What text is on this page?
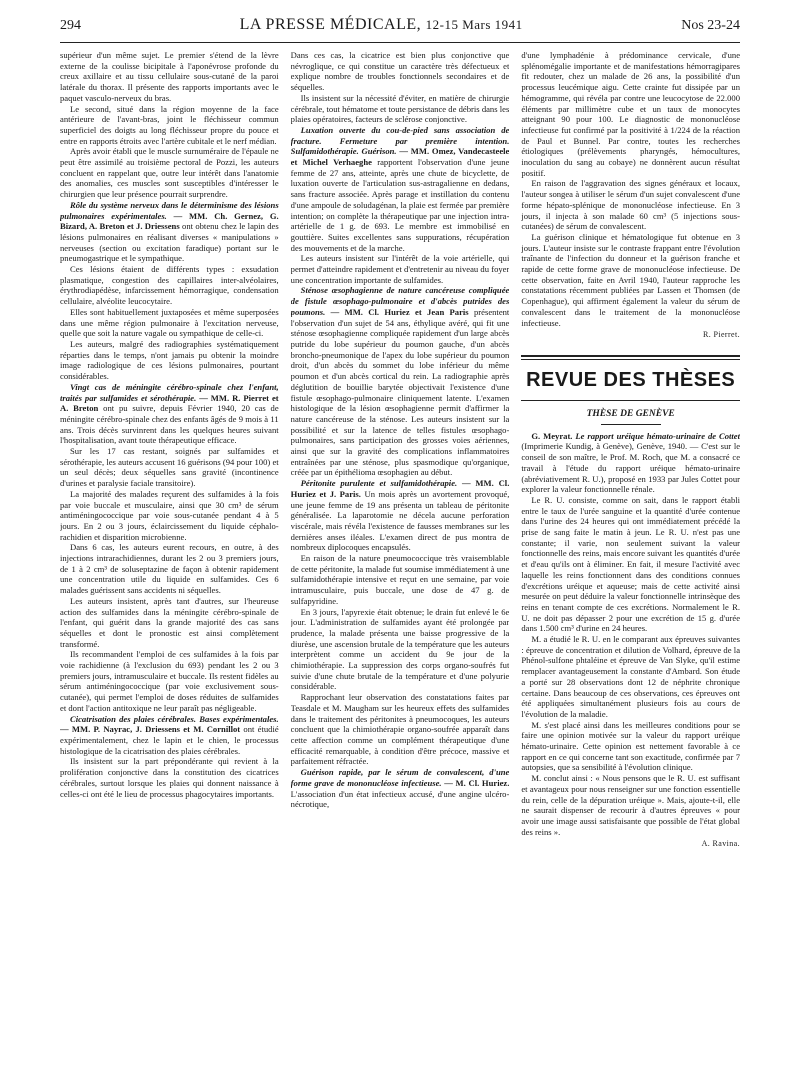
294	LA PRESSE MÉDICALE, 12-15 Mars 1941	Nos 23-24

supérieur d'un même sujet. Le premier s'étend de la lèvre externe de la coulisse bicipitale à l'aponévrose profonde du creux axillaire et au tissu cellulaire sous-cutané de la paroi latérale du thorax. Il présente des rapports importants avec le paquet vasculo-nerveux du bras.

Le second, situé dans la région moyenne de la face antérieure de l'avant-bras, joint le fléchisseur commun superficiel des doigts au long fléchisseur propre du pouce et entre en rapports étroits avec l'artère cubitale et le nerf médian.

Après avoir établi que le muscle surnuméraire de l'épaule ne peut être assimilé au troisième pectoral de Pozzi, les auteurs concluent en rappelant que, outre leur intérêt dans l'anatomie des anomalies, ces muscles sont susceptibles d'intéresser le chirurgien que leur présence pourrait surprendre.

Rôle du système nerveux dans le déterminisme des lésions pulmonaires expérimentales. — MM. Ch. Gernez, G. Bizard, A. Breton et J. Driessens ont obtenu chez le lapin des lésions pulmonaires en réalisant diverses « manipulations » nerveuses (section ou excitation faradique) portant sur le pneumogastrique et le sympathique.

Ces lésions étaient de différents types : exsudation plasmatique, congestion des capillaires inter-alvéolaires, érythrodiapédèse, infarcissement hémorragique, condensation cellulaire, alvéolite leucocytaire.

Elles sont habituellement juxtaposées et même superposées dans une même région pulmonaire à l'excitation nerveuse, quelle que soit la nature vagale ou sympathique de celle-ci.

Les auteurs, malgré des radiographies systématiquement réparties dans le temps, n'ont jamais pu obtenir la moindre image radiologique de ces lésions pulmonaires, pourtant considérables.

Vingt cas de méningite cérébro-spinale chez l'enfant, traités par sulfamides et sérothérapie. — MM. R. Pierret et A. Breton ont pu suivre, depuis Février 1940, 20 cas de méningite cérébro-spinale chez des enfants âgés de 9 mois à 11 ans. Trois décès survinrent dans les quelques heures suivant l'hospitalisation, avant toute thérapeutique efficace.

Sur les 17 cas restant, soignés par sulfamides et sérothérapie, les auteurs accusent 16 guérisons (94 pour 100) et un seul décès; deux séquelles sans gravité (incontinence d'urines et paralysie faciale transitoire).

La majorité des malades reçurent des sulfamides à la fois par voie buccale et musculaire, ainsi que 30 cm³ de sérum antiméningococcique par voie sous-cutanée pendant 4 à 5 jours. En 2 ou 3 jours, éclaircissement du liquide céphalo-rachidien et disparition microbienne.

Dans 6 cas, les auteurs eurent recours, en outre, à des injections intrarachidiennes, durant les 2 ou 3 premiers jours, de 1 à 2 cm³ de soluseptazine de façon à obtenir rapidement une concentration utile du liquide en sulfamides. Ces 6 malades guérissent sans accidents ni séquelles.

Les auteurs insistent, après tant d'autres, sur l'heureuse action des sulfamides dans la méningite cérébro-spinale de l'enfant, qui guérit dans la grande majorité des cas sans séquelles et dont le pronostic est ainsi complètement transformé.

Ils recommandent l'emploi de ces sulfamides à la fois par voie rachidienne (à l'exclusion du 693) pendant les 2 ou 3 premiers jours, intramusculaire et buccale. Ils restent fidèles au sérum antiméningococcique (par voie exclusivement sous-cutanée), qui permet l'emploi de doses réduites de sulfamides et dont l'action antitoxique ne leur paraît pas négligeable.

Cicatrisation des plaies cérébrales. Bases expérimentales. — MM. P. Nayrac, J. Driessens et M. Cornillot ont étudié expérimentalement, chez le lapin et le chien, le processus histologique de la cicatrisation des plaies cérébrales.

Ils insistent sur la part prépondérante qui revient à la prolifération conjonctive dans la constitution des cicatrices cérébrales, surtout lorsque les plaies qui donnent naissance à celles-ci ont été le lieu de processus phagocytaires importants.

Dans ces cas, la cicatrice est bien plus conjonctive que névroglique, ce qui constitue un caractère très défectueux et explique nombre de troubles fonctionnels secondaires et de séquelles.

Ils insistent sur la nécessité d'éviter, en matière de chirurgie cérébrale, tout hématome et toute persistance de débris dans les plaies opératoires, facteurs de sclérose conjonctive.

Luxation ouverte du cou-de-pied sans association de fracture. Fermeture par première intention. Sulfamidothérapie. Guérison. — MM. Omez, Vandecasteele et Michel Verhaeghe rapportent l'observation d'une jeune femme de 27 ans, atteinte, après une chute de bicyclette, de luxation ouverte de l'articulation sus-astragalienne en dedans, sans fracture associée. Après parage et instillation du contenu d'une ampoule de soludagénan, la plaie est fermée par première intention; on complète la thérapeutique par une injection intra-artérielle de 1 g. de 693. Le membre est immobilisé en gouttière. Suites excellentes sans suppurations, récupération des mouvements et de la marche.

Les auteurs insistent sur l'intérêt de la voie artérielle, qui permet d'atteindre rapidement et d'entretenir au niveau du foyer une concentration importante de sulfamides.

Sténose œsophagienne de nature cancéreuse compliquée de fistule œsophago-pulmonaire et d'abcès putrides des poumons. — MM. Cl. Huriez et Jean Paris présentent l'observation d'un sujet de 54 ans, éthylique avéré, qui fit une sténose œsophagienne compliquée rapidement d'un large abcès putride du lobe supérieur du poumon gauche, d'un abcès broncho-pneumonique de l'apex du lobe supérieur du poumon droit, d'un abcès du sommet du lobe inférieur du même poumon et d'un abcès cortical du rein. La radiographie après déglutition de bouillie barytée objectivait l'existence d'une fistule œsophago-pulmonaire cliniquement latente. L'examen histologique de la lésion œsophagienne permit d'affirmer la nature cancéreuse de la sténose. Les auteurs insistent sur la possibilité et sur la latence de telles fistules œsophago-pulmonaires, sans participation des grosses voies aériennes, ainsi que sur la gravité des complications inflammatoires entraînées par une sténose, plus spasmodique qu'organique, créée par un épithélioma œsophagien au début.

Péritonite purulente et sulfamidothérapie. — MM. Cl. Huriez et J. Paris. Un mois après un avortement provoqué, une jeune femme de 19 ans présenta un tableau de péritonite généralisée. La laparotomie ne décela aucune perforation viscérale, mais révéla l'existence de fausses membranes sur les dernières anses iléales. L'examen direct de pus montra de nombreux diplocoques encapsulés.

En raison de la nature pneumococcique très vraisemblable de cette péritonite, la malade fut soumise immédiatement à une sulfamidothérapie intensive et reçut en une semaine, par voie intramusculaire, puis buccale, une dose de 47 g. de sulfapyridine.

En 3 jours, l'apyrexie était obtenue; le drain fut enlevé le 6e jour. L'administration de sulfamides ayant été prolongée par prudence, la malade présenta une baisse progressive de la diurèse, une ascension brutale de la température que les auteurs interprètent comme un accident du 9e jour de la chimiothérapie. La suppression des corps organo-soufrés fut suivie d'une chute brutale de la température et d'une polyurie considérable.

Rapprochant leur observation des constatations faites par Teasdale et M. Maugham sur les heureux effets des sulfamides dans le traitement des péritonites à pneumocoques, les auteurs concluent que la chimiothérapie organo-soufrée apparaît dans cette affection comme un complément thérapeutique d'une efficacité remarquable, à condition d'être précoce, massive et parfaitement réfractée.

Guérison rapide, par le sérum de convalescent, d'une forme grave de mononucléose infectieuse. — M. Cl. Huriez. L'association d'un état infectieux accusé, d'une angine ulcéro-nécrotique,

d'une lymphadénie à prédominance cervicale, d'une splénomégalie importante et de manifestations hémorragipares fit redouter, chez un malade de 26 ans, la possibilité d'un processus leucémique aigu. Cette crainte fut dissipée par un hémogramme, qui révéla par contre une leucocytose de 22.000 éléments par millimètre cube et un taux de monocytes atteignant 90 pour 100. Le diagnostic de mononucléose infectieuse fut confirmé par la positivité à 1/224 de la réaction de Paul et Bunnel. Par contre, toutes les recherches étiologiques (prélèvements pharyngés, hémocultures, inoculation du sang au cobaye) ne donnèrent aucun résultat positif.

En raison de l'aggravation des signes généraux et locaux, l'auteur songea à utiliser le sérum d'un sujet convalescent d'une forme hépato-splénique de mononucléose infectieuse. En 3 jours, il injecta à son malade 60 cm³ (5 injections sous-cutanées) de sérum de convalescent.

La guérison clinique et hématologique fut obtenue en 3 jours. L'auteur insiste sur le contraste frappant entre l'évolution traînante de l'infection du donneur et la guérison franche et rapide de cette forme grave de mononucléose infectieuse. De cette observation, faite en Avril 1940, l'auteur rapproche les constatations récemment publiées par Lassen et Thomsen (de Copenhague), qui affirment également la valeur du sérum de convalescent dans le traitement de la mononucléose infectieuse.

R. Pierret.
REVUE DES THÈSES
THÈSE DE GENÈVE

G. Meyrat. Le rapport uréique hémato-urinaire de Cottet (Imprimerie Kundig, à Genève), Genève, 1940. — C'est sur le conseil de son maître, le Prof. M. Roch, que M. a consacré ce travail à l'étude du rapport uréique hémato-urinaire (abréviativement R. U.), proposé en 1933 par Jules Cottet pour explorer la valeur fonctionnelle rénale.

Le R. U. consiste, comme on sait, dans le rapport établi entre le taux de l'urée sanguine et la quantité d'urée contenue dans l'urine des 24 heures qui ont immédiatement précédé la prise de sang faite le matin à jeun. Le R. U. n'est pas une constante; il varie, non seulement suivant la valeur fonctionnelle des reins, mais encore suivant les quantités d'urée et d'eau qu'ils ont à éliminer. En fait, il mesure l'activité avec laquelle les reins fonctionnent dans des conditions connues d'excrétions uréique et aqueuse; mais de cette activité ainsi mesurée on peut déduire la valeur fonctionnelle intrinsèque des reins en tenant compte de ces excrétions. Normalement le R. U. ne doit pas dépasser 2 pour une excrétion de 15 g. d'urée dans 1.500 cm³ d'urine en 24 heures.

M. a étudié le R. U. en le comparant aux épreuves suivantes : épreuve de concentration et dilution de Volhard, épreuve de la Phénol-sulfone phtaléine et épreuve de Van Slyke, qu'il estime remplacer avantageusement la constante d'Ambard. Son étude a porté sur 28 observations dont 12 de néphrite chronique certaine. Dans beaucoup de ces observations, ces épreuves ont été appliquées simultanément plusieurs fois au cours de l'évolution de la maladie.

M. s'est placé ainsi dans les meilleures conditions pour se faire une opinion motivée sur la valeur du rapport uréique hémato-urinaire. Cette opinion est nettement favorable à ce rapport en ce qui concerne tant son exactitude, confirmée par 7 autopsies, que sa sensibilité à l'évolution clinique.

M. conclut ainsi : « Nous pensons que le R. U. est suffisant et avantageux pour nous renseigner sur une fonction essentielle du rein, celle de la dépuration uréique ». Mais, ajoute-t-il, elle ne saurait dispenser de recourir à d'autres épreuves « pour avoir une image aussi satisfaisante que possible de l'état global des reins ».

A. Ravina.
